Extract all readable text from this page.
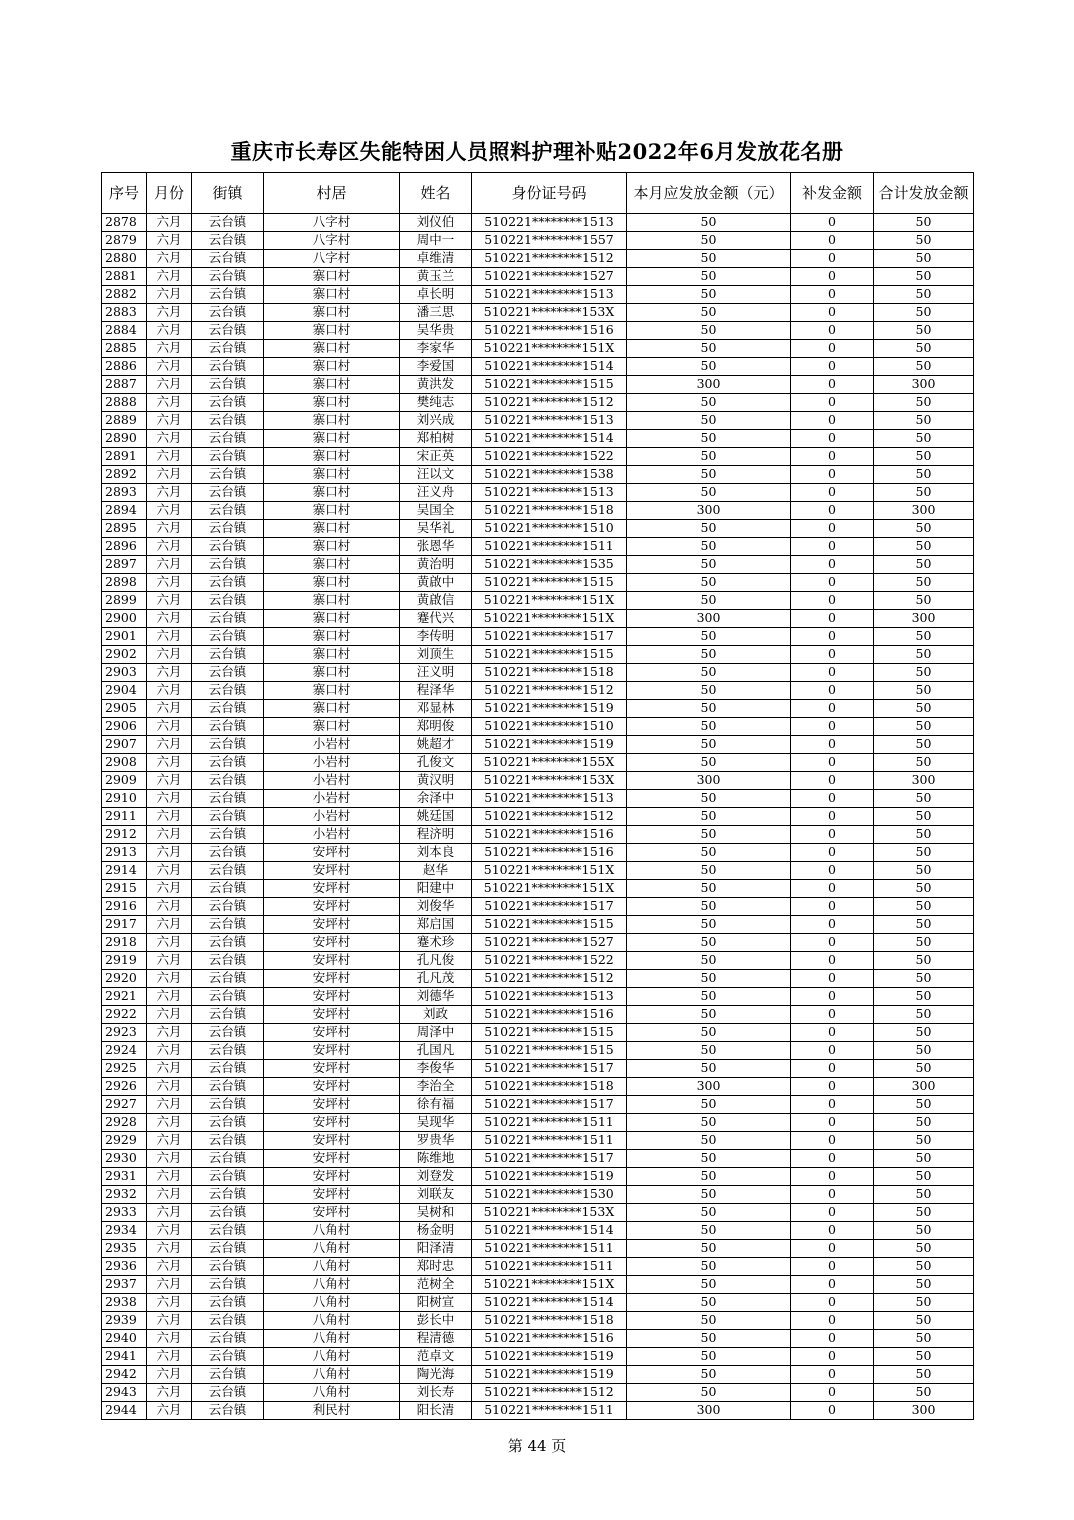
重庆市长寿区失能特困人员照料护理补贴2022年6月发放花名册
序号	月份	街镇	村居	姓名	身份证号码	本月应发放金额（元）	补发金额	合计发放金额
2878	六月	云台镇	八字村	刘仪伯	510221********1513	50	0	50
2879	六月	云台镇	八字村	周中一	510221********1557	50	0	50
2880	六月	云台镇	八字村	卓维清	510221********1512	50	0	50
2881	六月	云台镇	寨口村	黄玉兰	510221********1527	50	0	50
2882	六月	云台镇	寨口村	卓长明	510221********1513	50	0	50
2883	六月	云台镇	寨口村	潘三思	510221********153X	50	0	50
2884	六月	云台镇	寨口村	吴华贵	510221********1516	50	0	50
2885	六月	云台镇	寨口村	李家华	510221********151X	50	0	50
2886	六月	云台镇	寨口村	李爱国	510221********1514	50	0	50
2887	六月	云台镇	寨口村	黄洪发	510221********1515	300	0	300
2888	六月	云台镇	寨口村	樊纯志	510221********1512	50	0	50
2889	六月	云台镇	寨口村	刘兴成	510221********1513	50	0	50
2890	六月	云台镇	寨口村	郑柏树	510221********1514	50	0	50
2891	六月	云台镇	寨口村	宋正英	510221********1522	50	0	50
2892	六月	云台镇	寨口村	汪以文	510221********1538	50	0	50
2893	六月	云台镇	寨口村	汪义舟	510221********1513	50	0	50
2894	六月	云台镇	寨口村	吴国全	510221********1518	300	0	300
2895	六月	云台镇	寨口村	吴华礼	510221********1510	50	0	50
2896	六月	云台镇	寨口村	张恩华	510221********1511	50	0	50
2897	六月	云台镇	寨口村	黄治明	510221********1535	50	0	50
2898	六月	云台镇	寨口村	黄啟中	510221********1515	50	0	50
2899	六月	云台镇	寨口村	黄啟信	510221********151X	50	0	50
2900	六月	云台镇	寨口村	蹇代兴	510221********151X	300	0	300
2901	六月	云台镇	寨口村	李传明	510221********1517	50	0	50
2902	六月	云台镇	寨口村	刘顶生	510221********1515	50	0	50
2903	六月	云台镇	寨口村	汪义明	510221********1518	50	0	50
2904	六月	云台镇	寨口村	程泽华	510221********1512	50	0	50
2905	六月	云台镇	寨口村	邓显林	510221********1519	50	0	50
2906	六月	云台镇	寨口村	郑明俊	510221********1510	50	0	50
2907	六月	云台镇	小岩村	姚超才	510221********1519	50	0	50
2908	六月	云台镇	小岩村	孔俊文	510221********155X	50	0	50
2909	六月	云台镇	小岩村	黄汉明	510221********153X	300	0	300
2910	六月	云台镇	小岩村	余泽中	510221********1513	50	0	50
2911	六月	云台镇	小岩村	姚廷国	510221********1512	50	0	50
2912	六月	云台镇	小岩村	程济明	510221********1516	50	0	50
2913	六月	云台镇	安坪村	刘本良	510221********1516	50	0	50
2914	六月	云台镇	安坪村	赵华	510221********151X	50	0	50
2915	六月	云台镇	安坪村	阳建中	510221********151X	50	0	50
2916	六月	云台镇	安坪村	刘俊华	510221********1517	50	0	50
2917	六月	云台镇	安坪村	郑启国	510221********1515	50	0	50
2918	六月	云台镇	安坪村	蹇术珍	510221********1527	50	0	50
2919	六月	云台镇	安坪村	孔凡俊	510221********1522	50	0	50
2920	六月	云台镇	安坪村	孔凡茂	510221********1512	50	0	50
2921	六月	云台镇	安坪村	刘德华	510221********1513	50	0	50
2922	六月	云台镇	安坪村	刘政	510221********1516	50	0	50
2923	六月	云台镇	安坪村	周泽中	510221********1515	50	0	50
2924	六月	云台镇	安坪村	孔国凡	510221********1515	50	0	50
2925	六月	云台镇	安坪村	李俊华	510221********1517	50	0	50
2926	六月	云台镇	安坪村	李治全	510221********1518	300	0	300
2927	六月	云台镇	安坪村	徐有福	510221********1517	50	0	50
2928	六月	云台镇	安坪村	吴现华	510221********1511	50	0	50
2929	六月	云台镇	安坪村	罗贵华	510221********1511	50	0	50
2930	六月	云台镇	安坪村	陈维地	510221********1517	50	0	50
2931	六月	云台镇	安坪村	刘登发	510221********1519	50	0	50
2932	六月	云台镇	安坪村	刘联友	510221********1530	50	0	50
2933	六月	云台镇	安坪村	吴树和	510221********153X	50	0	50
2934	六月	云台镇	八角村	杨金明	510221********1514	50	0	50
2935	六月	云台镇	八角村	阳泽清	510221********1511	50	0	50
2936	六月	云台镇	八角村	郑时忠	510221********1511	50	0	50
2937	六月	云台镇	八角村	范树全	510221********151X	50	0	50
2938	六月	云台镇	八角村	阳树宣	510221********1514	50	0	50
2939	六月	云台镇	八角村	彭长中	510221********1518	50	0	50
2940	六月	云台镇	八角村	程清德	510221********1516	50	0	50
2941	六月	云台镇	八角村	范卓文	510221********1519	50	0	50
2942	六月	云台镇	八角村	陶光海	510221********1519	50	0	50
2943	六月	云台镇	八角村	刘长寿	510221********1512	50	0	50
2944	六月	云台镇	利民村	阳长清	510221********1511	300	0	300
第 44 页
